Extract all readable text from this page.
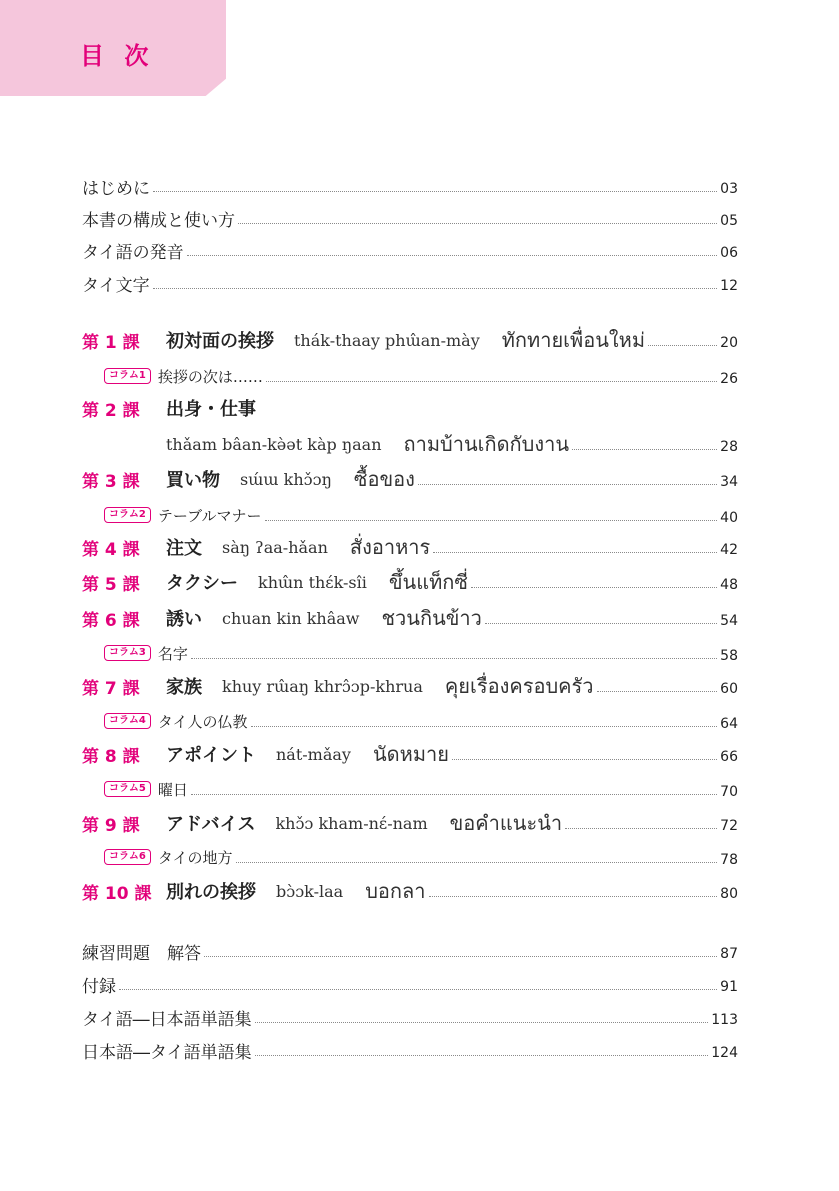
目 次
はじめに	03
本書の構成と使い方	05
タイ語の発音	06
タイ文字	12
第 1 課	初対面の挨拶 thák-thaay phɯ̂an-mày ทักทายเพื่อนใหม่	20
コラム1 挨拶の次は……	26
第 2 課	出身・仕事
thǎam bâan-kə̀ət kàp ŋaan ถามบ้านเกิดกับงาน	28
第 3 課	買い物 sɯ́ɯ khɔ̌ɔŋ ซื้อของ	34
コラム2 テーブルマナー	40
第 4 課	注文 sàŋ ʔaa-hǎan สั่งอาหาร	42
第 5 課	タクシー khɯ̂n thɛ́k-sîi ขึ้นแท็กซี่	48
第 6 課	誘い chuan kin khâaw ชวนกินข้าว	54
コラム3 名字	58
第 7 課	家族 khuy rɯ̂aŋ khrɔ̂ɔp-khrua คุยเรื่องครอบครัว	60
コラム4 タイ人の仏教	64
第 8 課	アポイント nát-mǎay นัดหมาย	66
コラム5 曜日	70
第 9 課	アドバイス khɔ̌ɔ kham-nɛ́-nam ขอคำแนะนำ	72
コラム6 タイの地方	78
第 10 課 別れの挨拶 bɔ̀ɔk-laa บอกลา	80
練習問題　解答	87
付録	91
タイ語―日本語単語集	113
日本語―タイ語単語集	124
